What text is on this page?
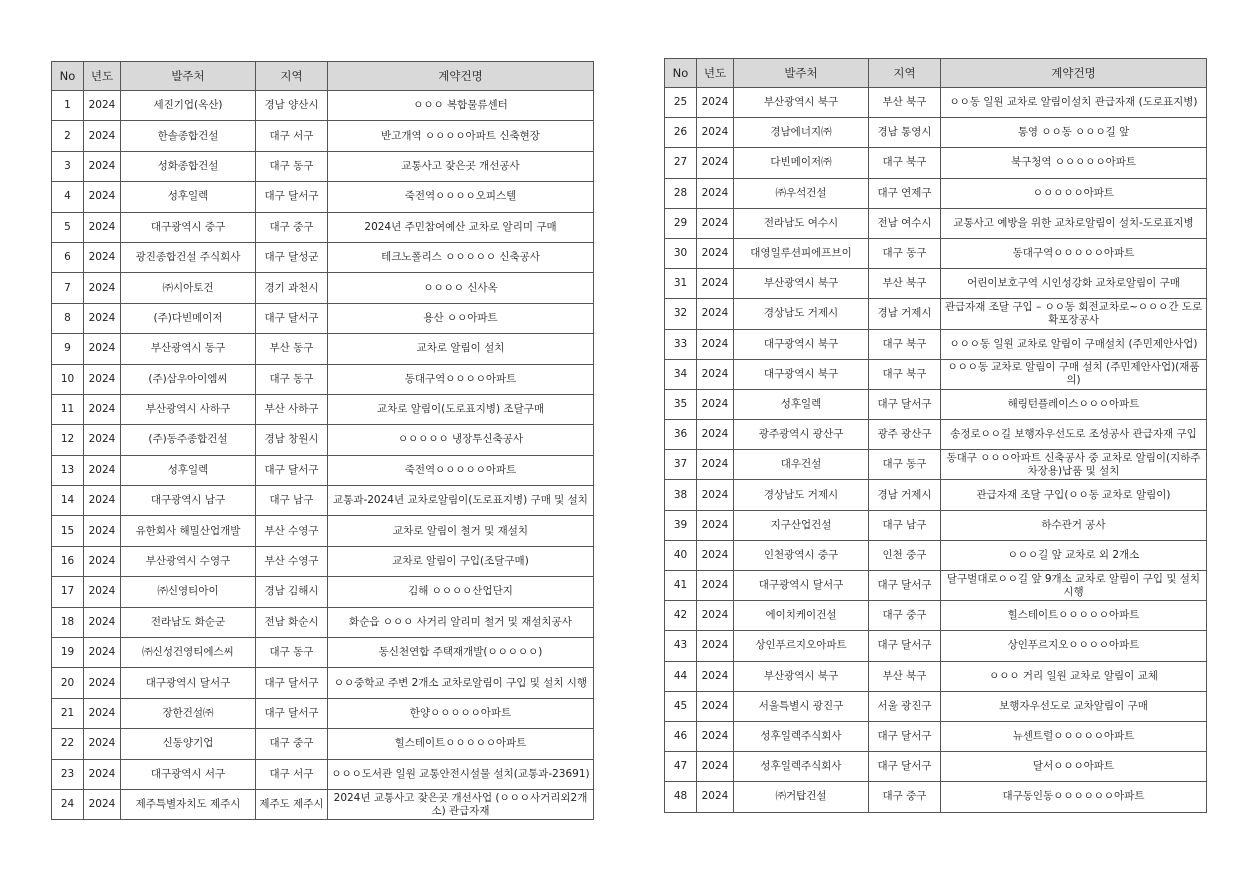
No	년도	발주처	지역	계약건명
1	2024	세진기업(옥산)	경남 양산시	ㅇㅇㅇ 복합물류센터
2	2024	한솔종합건설	대구 서구	반고개역 ㅇㅇㅇㅇ아파트 신축현장
3	2024	성화종합건설	대구 동구	교통사고 잦은곳 개선공사
4	2024	성후일렉	대구 달서구	죽전역ㅇㅇㅇㅇ오피스텔
5	2024	대구광역시 중구	대구 중구	2024년 주민참여예산 교차로 알리미 구매
6	2024	광진종합건설 주식회사	대구 달성군	테크노폴리스 ㅇㅇㅇㅇㅇ 신축공사
7	2024	㈜시아토건	경기 과천시	ㅇㅇㅇㅇ 신사옥
8	2024	(주)다빈메이저	대구 달서구	용산 ㅇㅇ아파트
9	2024	부산광역시 동구	부산 동구	교차로 알림이 설치
10	2024	(주)삼우아이엠씨	대구 동구	동대구역ㅇㅇㅇㅇ아파트
11	2024	부산광역시 사하구	부산 사하구	교차로 알림이(도로표지병) 조달구매
12	2024	(주)동주종합건설	경남 창원시	ㅇㅇㅇㅇㅇ 냉장투신축공사
13	2024	성후일렉	대구 달서구	죽전역ㅇㅇㅇㅇㅇ아파트
14	2024	대구광역시 남구	대구 남구	교통과-2024년 교차로알림이(도로표지병) 구매 및 설치
15	2024	유한회사 해밀산업개발	부산 수영구	교차로 알림이 철거 및 재설치
16	2024	부산광역시 수영구	부산 수영구	교차로 알림이 구입(조달구매)
17	2024	㈜신영티아이	경남 김해시	김해 ㅇㅇㅇㅇ산업단지
18	2024	전라남도 화순군	전남 화순시	화순읍 ㅇㅇㅇ 사거리 알리미 철거 및 재설치공사
19	2024	㈜신성건영티에스씨	대구 동구	동신천연합 주택재개발(ㅇㅇㅇㅇㅇ)
20	2024	대구광역시 달서구	대구 달서구	ㅇㅇ중학교 주변 2개소 교차로알림이 구입 및 설치 시행
21	2024	장한건설㈜	대구 달서구	한양ㅇㅇㅇㅇㅇ아파트
22	2024	신동양기업	대구 중구	힐스테이트ㅇㅇㅇㅇㅇ아파트
23	2024	대구광역시 서구	대구 서구	ㅇㅇㅇ도서관 일원 교통안전시설물 설치(교통과-23691)
24	2024	제주특별자치도 제주시	제주도 제주시	2024년 교통사고 잦은곳 개선사업 (ㅇㅇㅇ사거리외2개소) 관급자재
No	년도	발주처	지역	계약건명
25	2024	부산광역시 북구	부산 북구	ㅇㅇ동 일원 교차로 알림이설치 관급자재 (도로표지병)
26	2024	경남에너지㈜	경남 통영시	통영 ㅇㅇ동 ㅇㅇㅇ길 앞
27	2024	다빈메이저㈜	대구 북구	북구청역 ㅇㅇㅇㅇㅇ아파트
28	2024	㈜우석건설	대구 연제구	ㅇㅇㅇㅇㅇ아파트
29	2024	전라남도 여수시	전남 여수시	교통사고 예방을 위한 교차로알림이 설치-도로표지병
30	2024	대영일루션피에프브이	대구 동구	동대구역ㅇㅇㅇㅇㅇ아파트
31	2024	부산광역시 북구	부산 북구	어린이보호구역 시인성강화 교차로알림이 구매
32	2024	경상남도 거제시	경남 거제시	관급자재 조달 구입 – ㅇㅇ동 회전교차로~ㅇㅇㅇ간 도로 확포장공사
33	2024	대구광역시 북구	대구 북구	ㅇㅇㅇ동 일원 교차로 알림이 구매설치 (주민제안사업)
34	2024	대구광역시 북구	대구 북구	ㅇㅇㅇ동 교차로 알림이 구매 설치 (주민제안사업)(재품의)
35	2024	성후일렉	대구 달서구	해링턴플레이스ㅇㅇㅇ아파트
36	2024	광주광역시 광산구	광주 광산구	송정로ㅇㅇ길 보행자우선도로 조성공사 관급자재 구입
37	2024	대우건설	대구 동구	동대구 ㅇㅇㅇ아파트 신축공사 중 교차로 알림이(지하주차장용)납품 및 설치
38	2024	경상남도 거제시	경남 거제시	관급자재 조달 구입(ㅇㅇ동 교차로 알림이)
39	2024	지구산업건설	대구 남구	하수관거 공사
40	2024	인천광역시 중구	인천 중구	ㅇㅇㅇ길 앞 교차로 외 2개소
41	2024	대구광역시 달서구	대구 달서구	달구벌대로ㅇㅇ길 앞 9개소 교차로 알림이 구입 및 설치 시행
42	2024	에이치케이건설	대구 중구	힐스테이트ㅇㅇㅇㅇㅇ아파트
43	2024	상인푸르지오아파트	대구 달서구	상인푸르지오ㅇㅇㅇㅇ아파트
44	2024	부산광역시 북구	부산 북구	ㅇㅇㅇ 거리 일원 교차로 알림이 교체
45	2024	서울특별시 광진구	서울 광진구	보행자우선도로 교차알림이 구매
46	2024	성후일렉주식회사	대구 달서구	뉴센트럴ㅇㅇㅇㅇㅇ아파트
47	2024	성후일렉주식회사	대구 달서구	달서ㅇㅇㅇ아파트
48	2024	㈜거탑건설	대구 중구	대구동인동ㅇㅇㅇㅇㅇㅇ아파트
